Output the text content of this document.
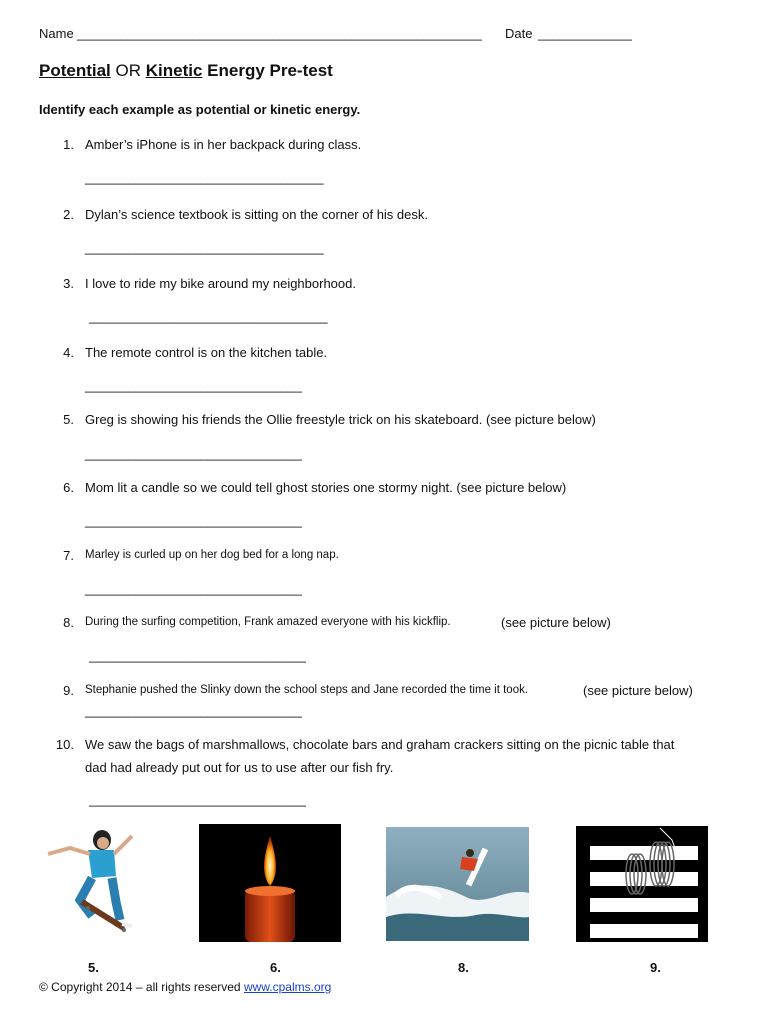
Name ________________________________________________________ Date _____________
Potential OR Kinetic Energy Pre-test
Identify each example as potential or kinetic energy.
1. Amber’s iPhone is in her backpack during class.
_________________________________
2. Dylan’s science textbook is sitting on the corner of his desk.
_________________________________
3. I love to ride my bike around my neighborhood.
_________________________________
4. The remote control is on the kitchen table.
______________________________
5. Greg is showing his friends the Ollie freestyle trick on his skateboard. (see picture below)
______________________________
6. Mom lit a candle so we could tell ghost stories one stormy night. (see picture below)
______________________________
7. Marley is curled up on her dog bed for a long nap.
______________________________
8. During the surfing competition, Frank amazed everyone with his kickflip.	(see picture below)
______________________________
9. Stephanie pushed the Slinky down the school steps and Jane recorded the time it took.	(see picture below)
______________________________
10. We saw the bags of marshmallows, chocolate bars and graham crackers sitting on the picnic table that
dad had already put out for us to use after our fish fry.
______________________________
5.	6.	8.	9.
© Copyright 2014 – all rights reserved www.cpalms.org
